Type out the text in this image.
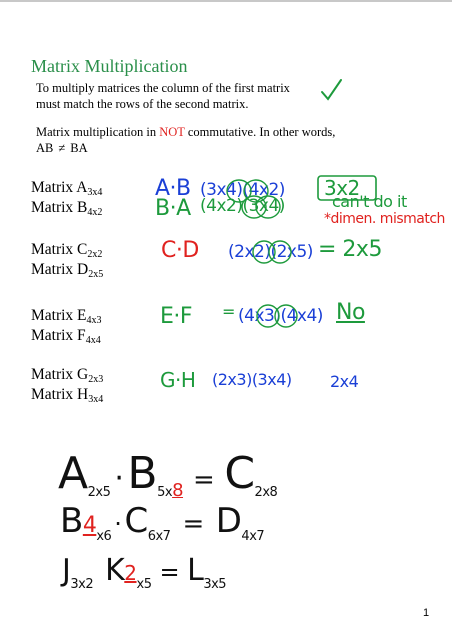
Matrix Multiplication
To multiply matrices the column of the first matrix
must match the rows of the second matrix.
Matrix multiplication in NOT commutative. In other words,
AB ≠ BA
Matrix $A_{3x4}$
Matrix $B_{4x2}$
Matrix $C_{2x2}$
Matrix $D_{2x5}$
Matrix $E_{4x3}$
Matrix $F_{4x4}$
Matrix $G_{2x3}$
Matrix $H_{3x4}$
A·B (3x4)(4x2) 3x2
B·A (4x2)(3x4)	can't do it
*dimen. mismatch
C·D (2x2)(2x5) = 2x5
E·F = (4x3)(4x4) No
G·H (2x3)(3x4) 2x4
A2x5 ·B5x8 = C2x8
$B4_{x6} \cdot C_{6x7} = D_{4x7}$
$J_{3x2}$ $K2_{x5} = L_{3x5}$
1
